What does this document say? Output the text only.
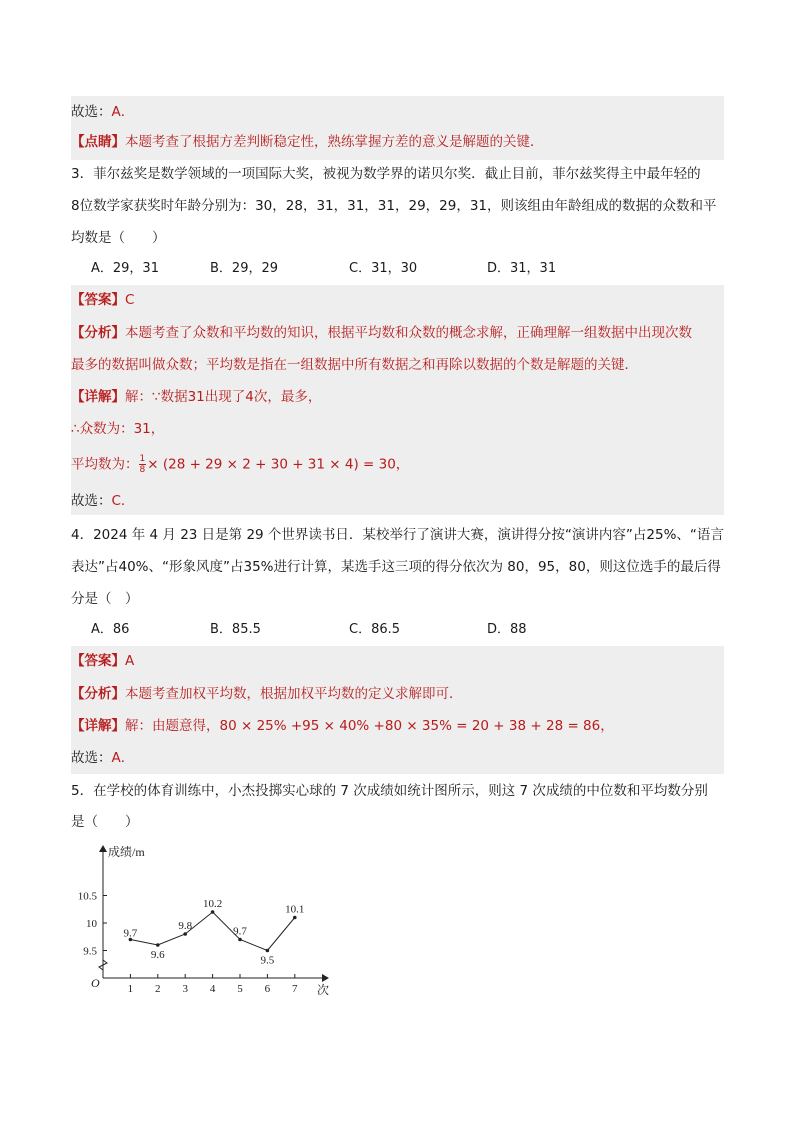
故选：A．
【点睛】本题考查了根据方差判断稳定性，熟练掌握方差的意义是解题的关键．
3．菲尔兹奖是数学领域的一项国际大奖，被视为数学界的诺贝尔奖．截止目前，菲尔兹奖得主中最年轻的
8位数学家获奖时年龄分别为：30，28，31，31，31，29，29，31，则该组由年龄组成的数据的众数和平
均数是（　　）
A．29，31	B．29，29	C．31，30	D．31，31
【答案】C
【分析】本题考查了众数和平均数的知识，根据平均数和众数的概念求解，正确理解一组数据中出现次数
最多的数据叫做众数；平均数是指在一组数据中所有数据之和再除以数据的个数是解题的关键．
【详解】解：∵数据31出现了4次，最多，
∴众数为：31，
平均数为： $\frac{1}{8} \times (28 + 29 \times 2 + 30 + 31 \times 4) = 30$，
故选：C．
4．2024 年 4 月 23 日是第 29 个世界读书日．某校举行了演讲大赛，演讲得分按“演讲内容”占25%、“语言
表达”占40%、“形象风度”占35%进行计算，某选手这三项的得分依次为 80，95，80，则这位选手的最后得
分是（　）
A．86	B．85.5	C．86.5	D．88
【答案】A
【分析】本题考查加权平均数，根据加权平均数的定义求解即可．
【详解】解：由题意得，80 × 25% +95 × 40% +80 × 35% = 20 + 38 + 28 = 86，
故选：A．
5．在学校的体育训练中，小杰投掷实心球的 7 次成绩如统计图所示，则这 7 次成绩的中位数和平均数分别
是（　　）
O
成绩/m
次
1 2 3 4 5 6 7
9.5
10
10.5
9.7
9.6
9.8
10.2
9.7
9.5
10.1
